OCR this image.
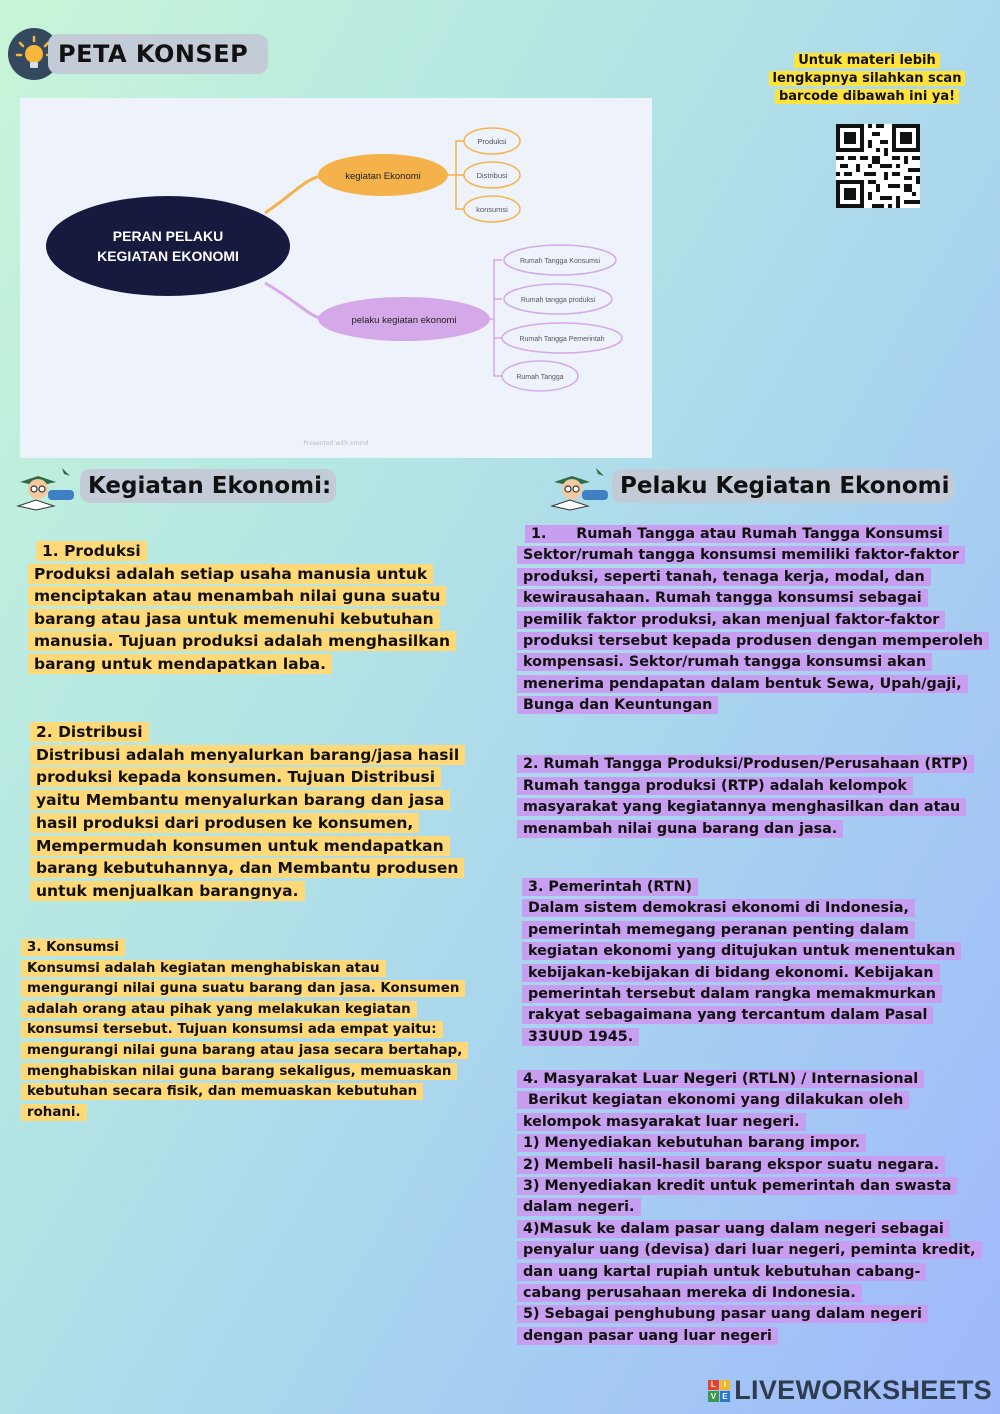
PETA KONSEP	Untuk materi lebih lengkapnya silahkan scan barcode dibawah ini ya!
PERAN PELAKU
KEGIATAN EKONOMI
kegiatan Ekonomi
Produksi
Distribusi
konsumsi
pelaku kegiatan ekonomi
Rumah Tangga Konsumsi
Rumah tangga produksi
Rumah Tangga Pemerintah
Rumah Tangga
Presented with xmind
Kegiatan Ekonomi:	Pelaku Kegiatan Ekonomi
1. Produksi
Produksi adalah setiap usaha manusia untuk
menciptakan atau menambah nilai guna suatu
barang atau jasa untuk memenuhi kebutuhan
manusia. Tujuan produksi adalah menghasilkan
barang untuk mendapatkan laba.
2. Distribusi
Distribusi adalah menyalurkan barang/jasa hasil
produksi kepada konsumen. Tujuan Distribusi
yaitu Membantu menyalurkan barang dan jasa
hasil produksi dari produsen ke konsumen,
Mempermudah konsumen untuk mendapatkan
barang kebutuhannya, dan Membantu produsen
untuk menjualkan barangnya.
3. Konsumsi
Konsumsi adalah kegiatan menghabiskan atau
mengurangi nilai guna suatu barang dan jasa. Konsumen
adalah orang atau pihak yang melakukan kegiatan
konsumsi tersebut. Tujuan konsumsi ada empat yaitu:
mengurangi nilai guna barang atau jasa secara bertahap,
menghabiskan nilai guna barang sekaligus, memuaskan
kebutuhan secara fisik, dan memuaskan kebutuhan
rohani.
1.      Rumah Tangga atau Rumah Tangga Konsumsi
Sektor/rumah tangga konsumsi memiliki faktor-faktor
produksi, seperti tanah, tenaga kerja, modal, dan
kewirausahaan. Rumah tangga konsumsi sebagai
pemilik faktor produksi, akan menjual faktor-faktor
produksi tersebut kepada produsen dengan memperoleh
kompensasi. Sektor/rumah tangga konsumsi akan
menerima pendapatan dalam bentuk Sewa, Upah/gaji,
Bunga dan Keuntungan
2. Rumah Tangga Produksi/Produsen/Perusahaan (RTP)
Rumah tangga produksi (RTP) adalah kelompok
masyarakat yang kegiatannya menghasilkan dan atau
menambah nilai guna barang dan jasa.
3. Pemerintah (RTN)
Dalam sistem demokrasi ekonomi di Indonesia,
pemerintah memegang peranan penting dalam
kegiatan ekonomi yang ditujukan untuk menentukan
kebijakan-kebijakan di bidang ekonomi. Kebijakan
pemerintah tersebut dalam rangka memakmurkan
rakyat sebagaimana yang tercantum dalam Pasal
33UUD 1945.
4. Masyarakat Luar Negeri (RTLN) / Internasional
Berikut kegiatan ekonomi yang dilakukan oleh
kelompok masyarakat luar negeri.
1) Menyediakan kebutuhan barang impor.
2) Membeli hasil-hasil barang ekspor suatu negara.
3) Menyediakan kredit untuk pemerintah dan swasta
dalam negeri.
4)Masuk ke dalam pasar uang dalam negeri sebagai
penyalur uang (devisa) dari luar negeri, peminta kredit,
dan uang kartal rupiah untuk kebutuhan cabang-
cabang perusahaan mereka di Indonesia.
5) Sebagai penghubung pasar uang dalam negeri
dengan pasar uang luar negeri
L I
V E LIVEWORKSHEETS
